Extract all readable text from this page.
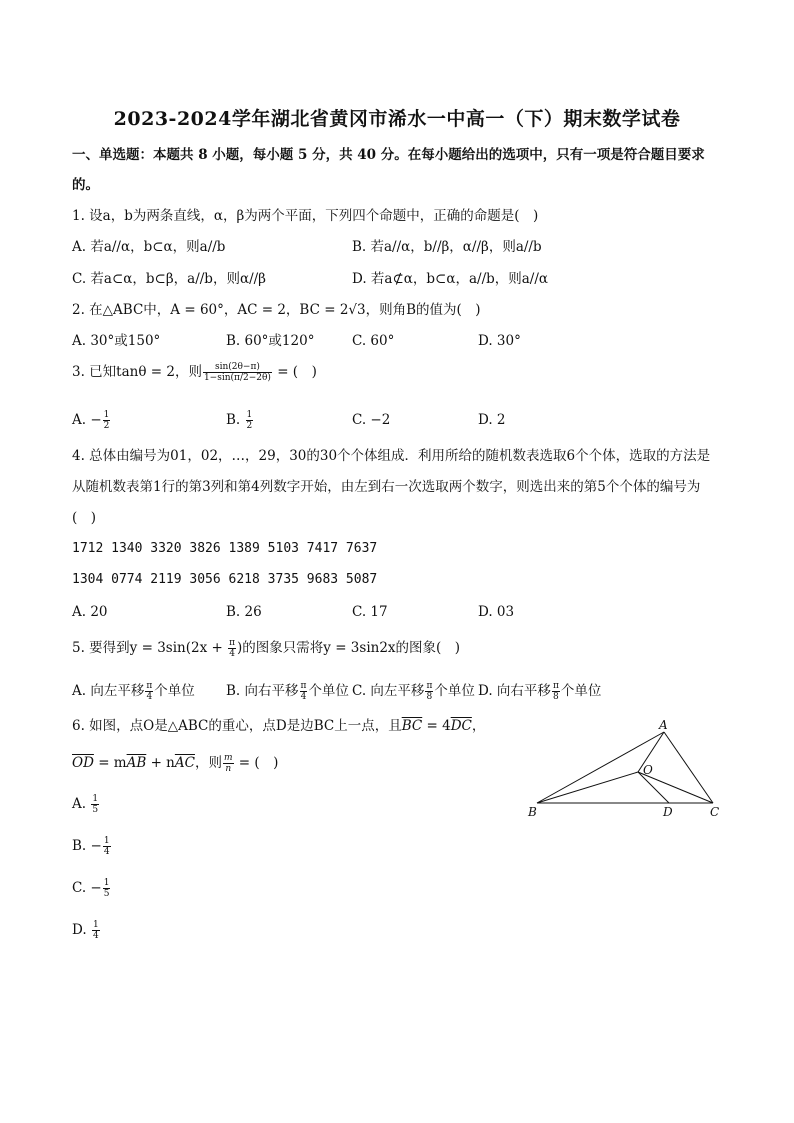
2023-2024学年湖北省黄冈市浠水一中高一（下）期末数学试卷
一、单选题：本题共 8 小题，每小题 5 分，共 40 分。在每小题给出的选项中，只有一项是符合题目要求
的。
1. 设a，b为两条直线，α，β为两个平面，下列四个命题中，正确的命题是(　)
A. 若a//α，b⊂α，则a//b	B. 若a//α，b//β，α//β，则a//b
C. 若a⊂α，b⊂β，a//b，则α//β	D. 若a⊄α，b⊂α，a//b，则a//α
2. 在△ABC中，A = 60°，AC = 2，BC = 2√3，则角B的值为(　)
A. 30°或150°	B. 60°或120°	C. 60°	D. 30°
3. 已知tanθ = 2，则 $\frac{\sin(2\theta-\pi)}{1-\sin(\pi/2-2\theta)}$ = (　)
A. − $\frac{1}{2}$	B. $\frac{1}{2}$	C. −2	D. 2
4. 总体由编号为01，02，…，29，30的30个个体组成．利用所给的随机数表选取6个个体，选取的方法是
从随机数表第1行的第3列和第4列数字开始，由左到右一次选取两个数字，则选出来的第5个个体的编号为
(　)
1712 1340 3320 3826 1389 5103 7417 7637
1304 0774 2119 3056 6218 3735 9683 5087
A. 20	B. 26	C. 17	D. 03
5. 要得到$y = 3\sin(2x + \frac{\pi}{4}$ )的图象只需将y = 3sin2x的图象(　)
A. 向左平移 $\frac{\pi}{4}$ 个单位 B. 向右平移 $\frac{\pi}{4}$ 个单位 C. 向左平移 $\frac{\pi}{8}$ 个单位 D. 向右平移 $\frac{\pi}{8}$ 个单位
6. 如图，点O是△ABC的重心，点D是边BC上一点，且$\overline{BC} = 4\overline{DC}$，
$\overline{OD} = m\overline{AB} + n\overline{AC}$，则 $\frac{m}{n}$ = (　)
A. $\frac{1}{5}$
B. − $\frac{1}{4}$
C. − $\frac{1}{5}$
D. $\frac{1}{4}$
A
B	C
D
O
